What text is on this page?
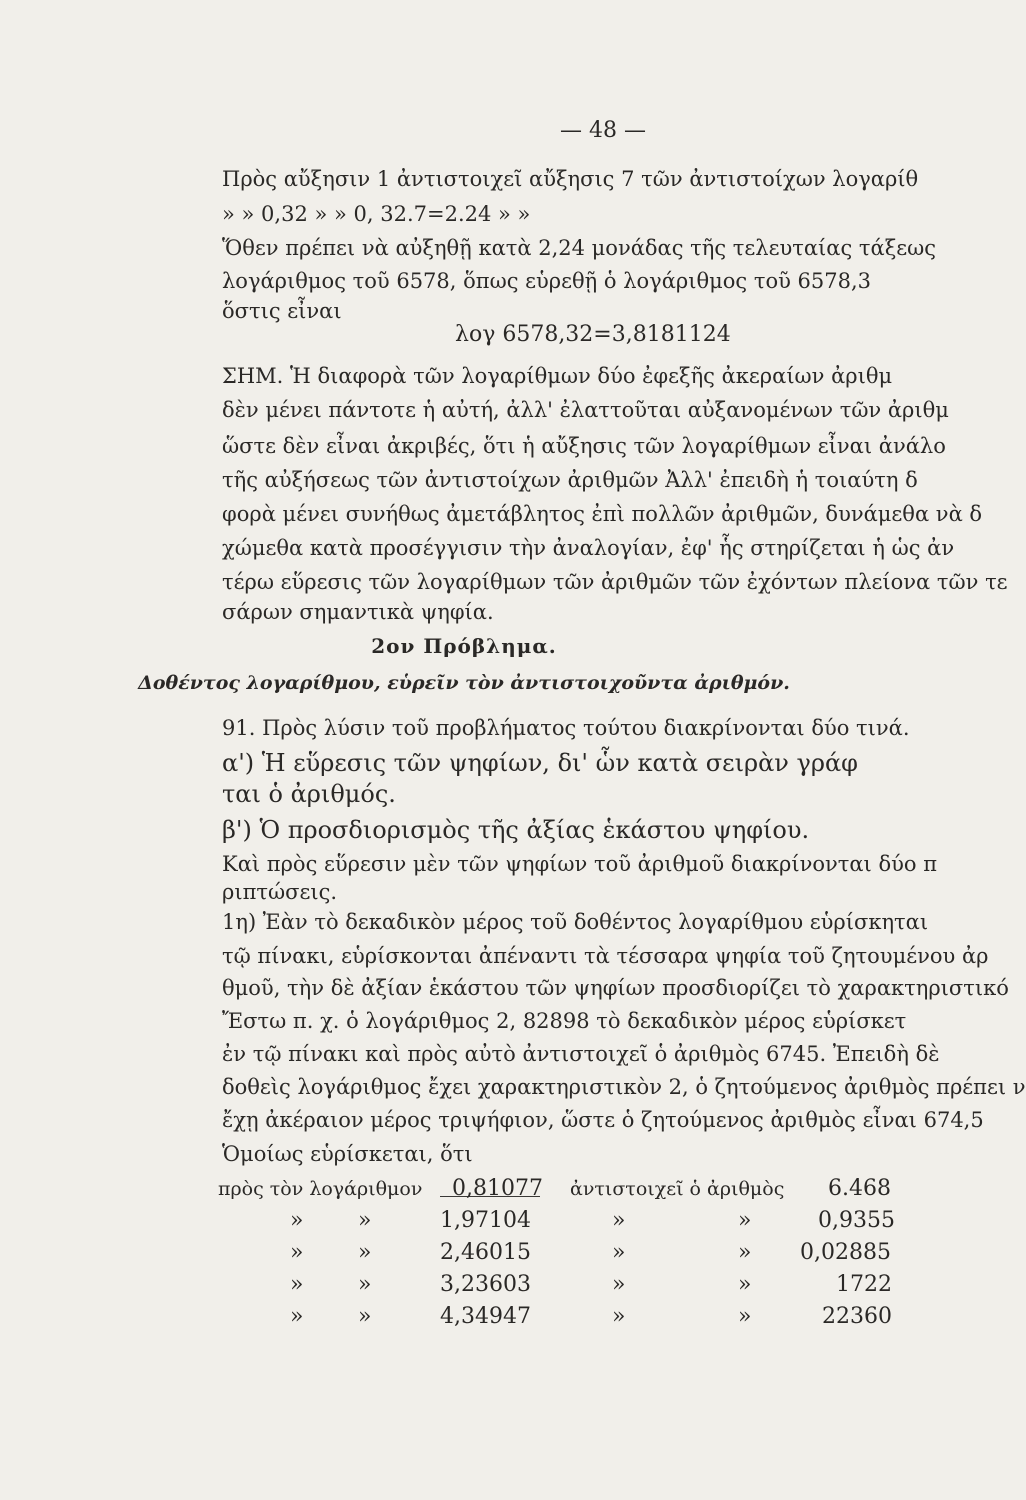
— 48 —
Πρὸς αὔξησιν 1 ἀντιστοιχεῖ αὔξησις 7 τῶν ἀντιστοίχων λογαρίθ
» » 0,32 » » 0, 32.7=2.24 » »
Ὅθεν πρέπει νὰ αὐξηθῇ κατὰ 2,24 μονάδας τῆς τελευταίας τάξεως
λογάριθμος τοῦ 6578, ὅπως εὑρεθῇ ὁ λογάριθμος τοῦ 6578,3
ὅστις εἶναι
λογ 6578,32=3,8181124
ΣΗΜ. Ἡ διαφορὰ τῶν λογαρίθμων δύο ἐφεξῆς ἀκεραίων ἀριθμ
δὲν μένει πάντοτε ἡ αὐτή, ἀλλ' ἐλαττοῦται αὐξανομένων τῶν ἀριθμ
ὥστε δὲν εἶναι ἀκριβές, ὅτι ἡ αὔξησις τῶν λογαρίθμων εἶναι ἀνάλο
τῆς αὐξήσεως τῶν ἀντιστοίχων ἀριθμῶν Ἀλλ' ἐπειδὴ ἡ τοιαύτη δ
φορὰ μένει συνήθως ἀμετάβλητος ἐπὶ πολλῶν ἀριθμῶν, δυνάμεθα νὰ δ
χώμεθα κατὰ προσέγγισιν τὴν ἀναλογίαν, ἐφ' ἧς στηρίζεται ἡ ὡς ἀν
τέρω εὕρεσις τῶν λογαρίθμων τῶν ἀριθμῶν τῶν ἐχόντων πλείονα τῶν τε
σάρων σημαντικὰ ψηφία.
2ον Πρόβλημα.
Δοθέντος λογαρίθμου, εὑρεῖν τὸν ἀντιστοιχοῦντα ἀριθμόν.
91. Πρὸς λύσιν τοῦ προβλήματος τούτου διακρίνονται δύο τινά.
α') Ἡ εὕρεσις τῶν ψηφίων, δι' ὧν κατὰ σειρὰν γράφ
ται ὁ ἀριθμός.
β') Ὁ προσδιορισμὸς τῆς ἀξίας ἑκάστου ψηφίου.
Καὶ πρὸς εὕρεσιν μὲν τῶν ψηφίων τοῦ ἀριθμοῦ διακρίνονται δύο π
ριπτώσεις.
1η) Ἐὰν τὸ δεκαδικὸν μέρος τοῦ δοθέντος λογαρίθμου εὑρίσκηται
τῷ πίνακι, εὑρίσκονται ἀπέναντι τὰ τέσσαρα ψηφία τοῦ ζητουμένου ἀρ
θμοῦ, τὴν δὲ ἀξίαν ἑκάστου τῶν ψηφίων προσδιορίζει τὸ χαρακτηριστικό
Ἔστω π. χ. ὁ λογάριθμος 2, 82898 τὸ δεκαδικὸν μέρος εὑρίσκετ
ἐν τῷ πίνακι καὶ πρὸς αὐτὸ ἀντιστοιχεῖ ὁ ἀριθμὸς 6745. Ἐπειδὴ δὲ
δοθεὶς λογάριθμος ἔχει χαρακτηριστικὸν 2, ὁ ζητούμενος ἀριθμὸς πρέπει ν
ἔχῃ ἀκέραιον μέρος τριψήφιον, ὥστε ὁ ζητούμενος ἀριθμὸς εἶναι 674,5
Ὁμοίως εὑρίσκεται, ὅτι
πρὸς τὸν λογάριθμον 0,81077 ἀντιστοιχεῖ ὁ ἀριθμὸς 6.468
» »	1,97104	»	»	0,9355
» »	2,46015	»	» 0,02885
» »	3,23603	»	»	1722
» »	4,34947	»	»	22360
